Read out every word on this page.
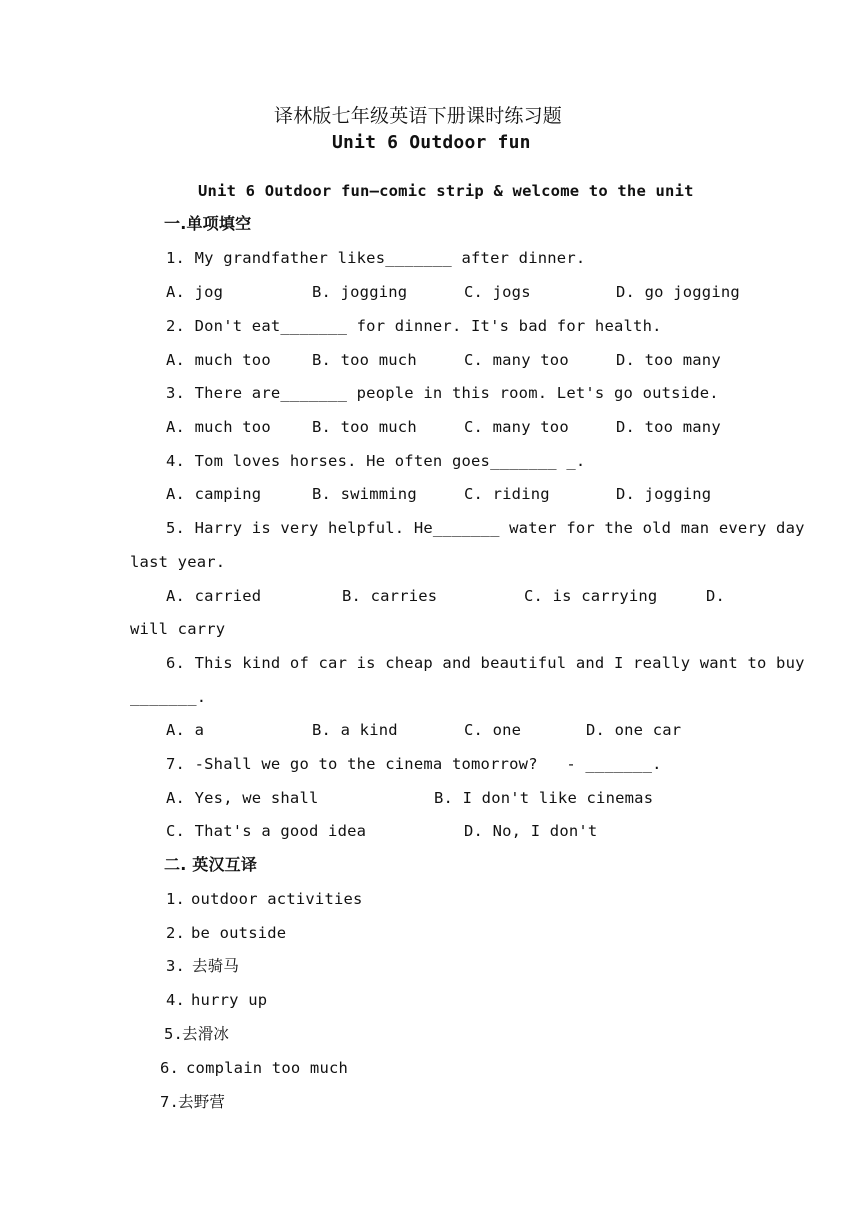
译林版七年级英语下册课时练习题
Unit 6 Outdoor fun
Unit 6 Outdoor fun—comic strip & welcome to the unit
一.单项填空
1. My grandfather likes_______ after dinner.
A. jog	B. jogging	C. jogs	D. go jogging
2. Don't eat_______ for dinner. It's bad for health.
A. much too	B. too much	C. many too	D. too many
3. There are_______ people in this room. Let's go outside.
A. much too	B. too much	C. many too	D. too many
4. Tom loves horses. He often goes_______ _.
A. camping	B. swimming	C. riding	D. jogging
5. Harry is very helpful. He_______ water for the old man every day
last year.
A. carried	B. carries	C. is carrying	D.
will carry
6. This kind of car is cheap and beautiful and I really want to buy
_______.
A. a	B. a kind	C. one	D. one car
7. -Shall we go to the cinema tomorrow?   - _______.
A. Yes, we shall	B. I don't like cinemas
C. That's a good idea	D. No, I don't
二. 英汉互译
1. outdoor activities
2. be outside
3. 去骑马
4. hurry up
5.
去滑冰
6. complain too much
7.
去野营
